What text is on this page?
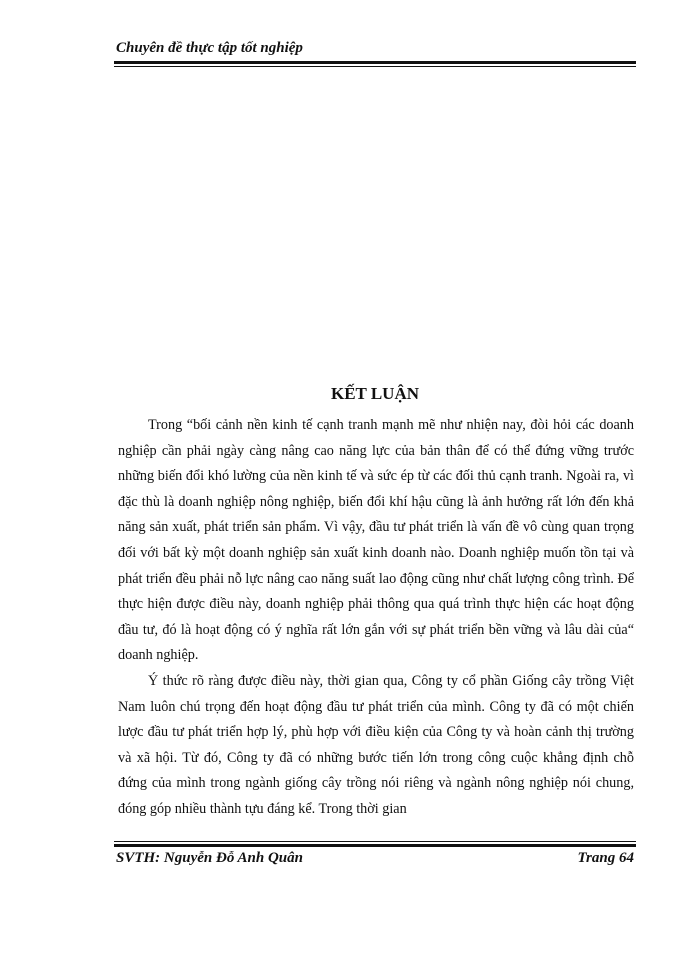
Chuyên đề thực tập tốt nghiệp
KẾT LUẬN

Trong “bối cảnh nền kinh tế cạnh tranh mạnh mẽ như nhiện nay, đòi hỏi các doanh nghiệp cần phải ngày càng nâng cao năng lực của bản thân để có thể đứng vững trước những biến đổi khó lường của nền kinh tế và sức ép từ các đối thủ cạnh tranh. Ngoài ra, vì đặc thù là doanh nghiệp nông nghiệp, biến đổi khí hậu cũng là ảnh hưởng rất lớn đến khả năng sản xuất, phát triển sản phẩm. Vì vậy, đầu tư phát triển là vấn đề vô cùng quan trọng đối với bất kỳ một doanh nghiệp sản xuất kinh doanh nào. Doanh nghiệp muốn tồn tại và phát triển đều phải nỗ lực nâng cao năng suất lao động cũng như chất lượng công trình. Để thực hiện được điều này, doanh nghiệp phải thông qua quá trình thực hiện các hoạt động đầu tư, đó là hoạt động có ý nghĩa rất lớn gắn với sự phát triển bền vững và lâu dài của“ doanh nghiệp.

Ý thức rõ ràng được điều này, thời gian qua, Công ty cổ phần Giống cây trồng Việt Nam luôn chú trọng đến hoạt động đầu tư phát triển của mình. Công ty đã có một chiến lược đầu tư phát triển hợp lý, phù hợp với điều kiện của Công ty và hoàn cảnh thị trường và xã hội. Từ đó, Công ty đã có những bước tiến lớn trong công cuộc khẳng định chỗ đứng của mình trong ngành giống cây trồng nói riêng và ngành nông nghiệp nói chung, đóng góp nhiều thành tựu đáng kể. Trong thời gian

SVTH: Nguyễn Đỗ Anh Quân	Trang 64
